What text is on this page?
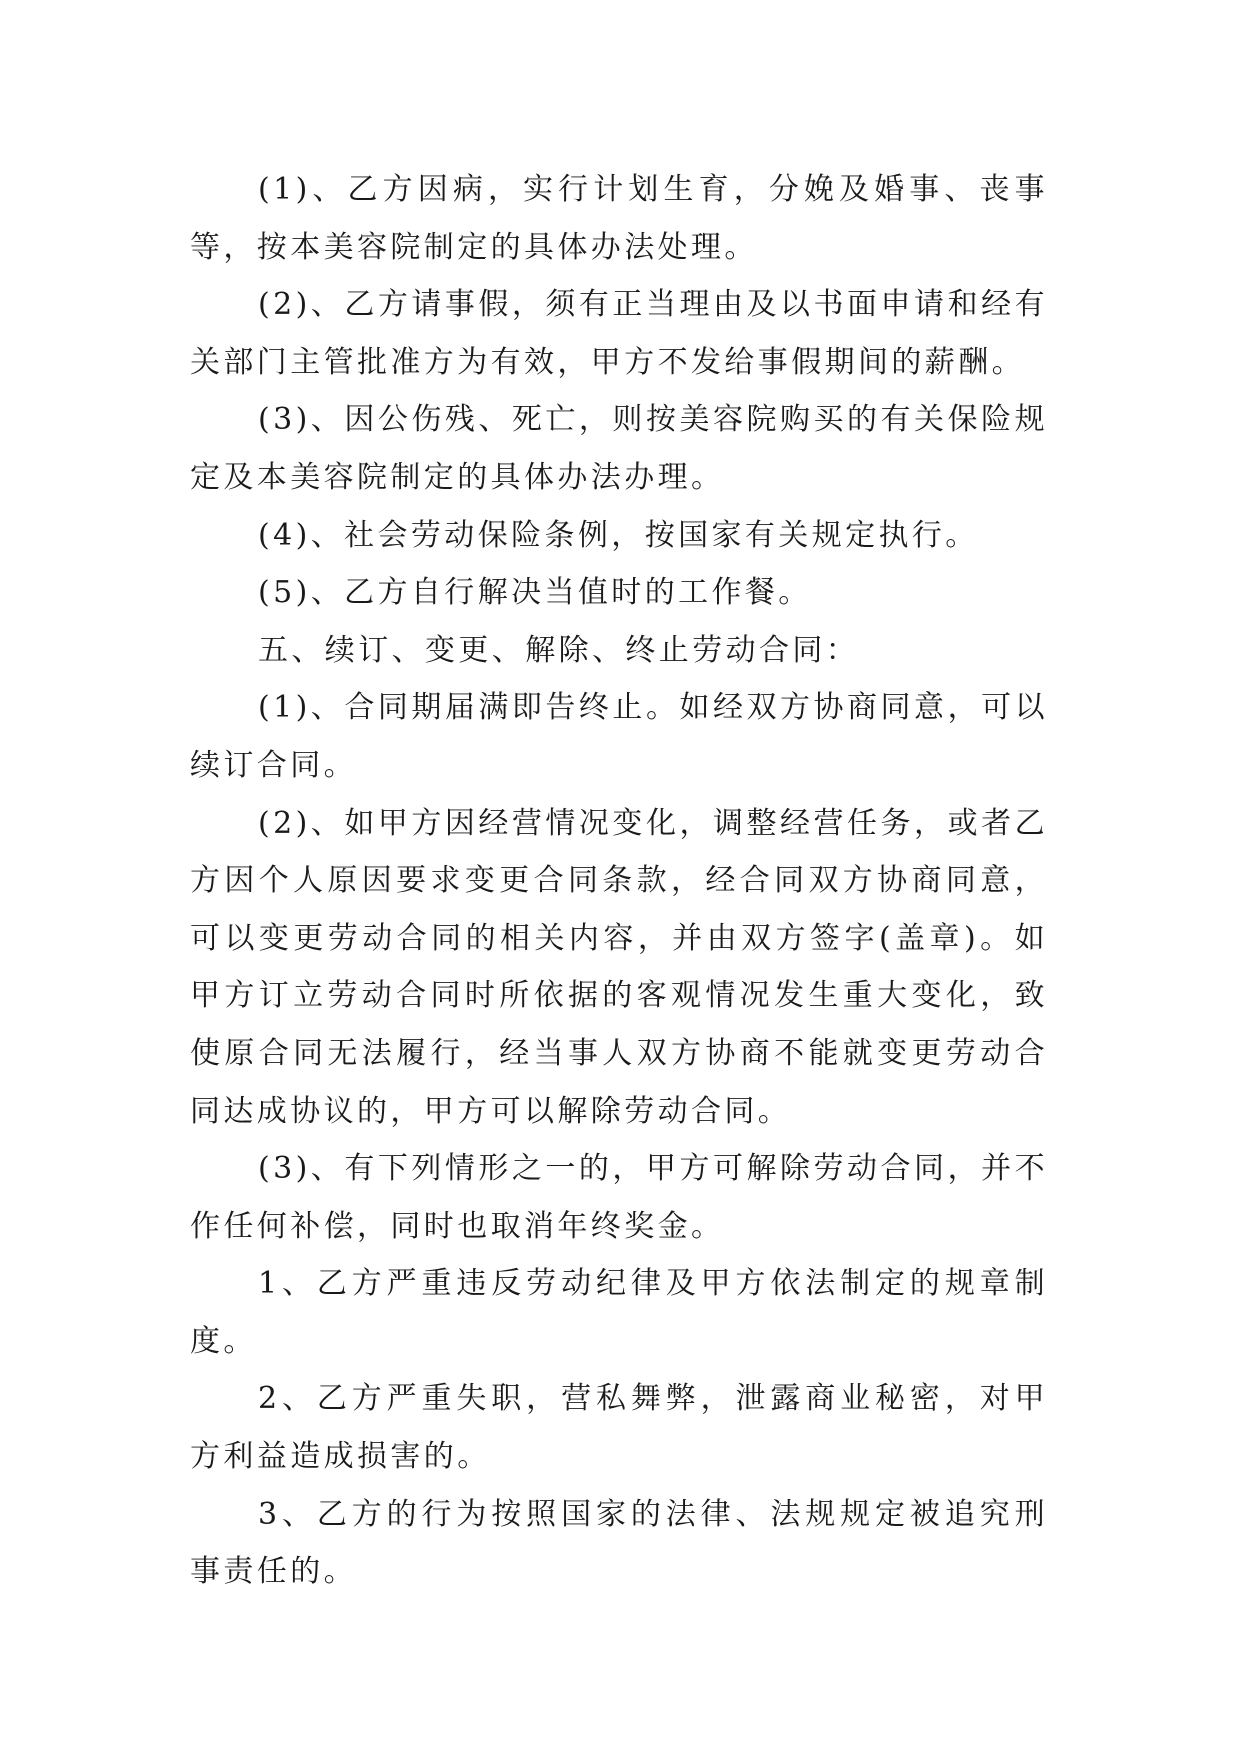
(1)、乙方因病，实行计划生育，分娩及婚事、丧事等，按本美容院制定的具体办法处理。

(2)、乙方请事假，须有正当理由及以书面申请和经有关部门主管批准方为有效，甲方不发给事假期间的薪酬。

(3)、因公伤残、死亡，则按美容院购买的有关保险规定及本美容院制定的具体办法办理。

(4)、社会劳动保险条例，按国家有关规定执行。

(5)、乙方自行解决当值时的工作餐。

五、续订、变更、解除、终止劳动合同：

(1)、合同期届满即告终止。如经双方协商同意，可以续订合同。

(2)、如甲方因经营情况变化，调整经营任务，或者乙方因个人原因要求变更合同条款，经合同双方协商同意，可以变更劳动合同的相关内容，并由双方签字(盖章)。如甲方订立劳动合同时所依据的客观情况发生重大变化，致使原合同无法履行，经当事人双方协商不能就变更劳动合同达成协议的，甲方可以解除劳动合同。

(3)、有下列情形之一的，甲方可解除劳动合同，并不作任何补偿，同时也取消年终奖金。

1、乙方严重违反劳动纪律及甲方依法制定的规章制度。

2、乙方严重失职，营私舞弊，泄露商业秘密，对甲方利益造成损害的。

3、乙方的行为按照国家的法律、法规规定被追究刑事责任的。
